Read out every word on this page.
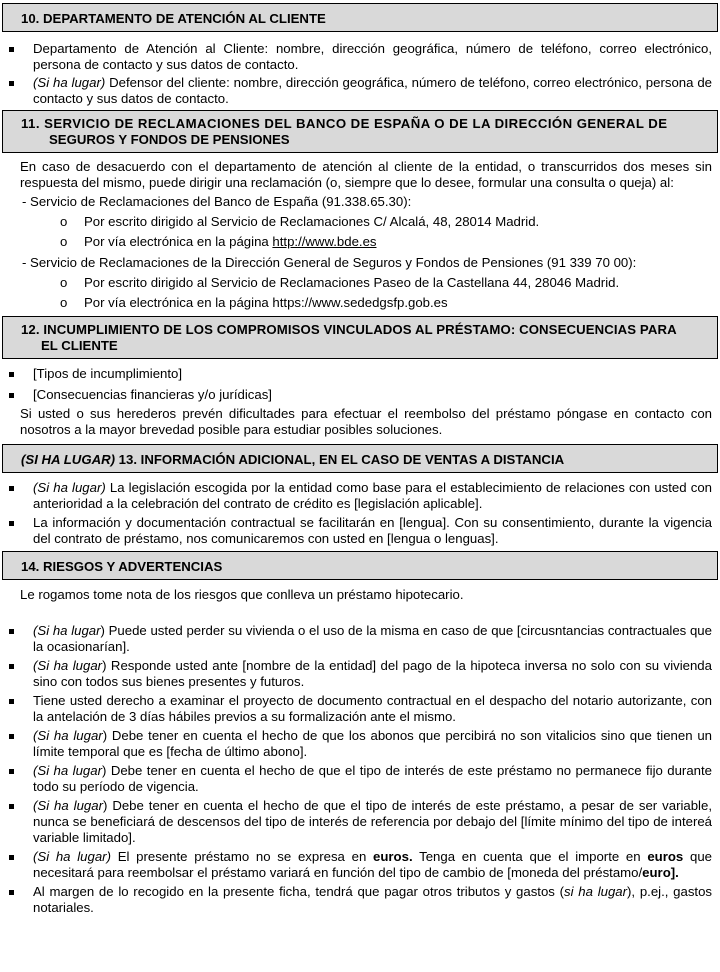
10. DEPARTAMENTO DE ATENCIÓN AL CLIENTE
Departamento de Atención al Cliente: nombre, dirección geográfica, número de teléfono, correo electrónico, persona de contacto y sus datos de contacto.
(Si ha lugar) Defensor del cliente: nombre, dirección geográfica, número de teléfono, correo electrónico, persona de contacto y sus datos de contacto.
11. SERVICIO DE RECLAMACIONES DEL BANCO DE ESPAÑA O DE LA DIRECCIÓN GENERAL DE
SEGUROS Y FONDOS DE PENSIONES
En caso de desacuerdo con el departamento de atención al cliente de la entidad, o transcurridos dos meses sin respuesta del mismo, puede dirigir una reclamación (o, siempre que lo desee, formular una consulta o queja) al:
- Servicio de Reclamaciones del Banco de España (91.338.65.30):
o Por escrito dirigido al Servicio de Reclamaciones C/ Alcalá, 48, 28014 Madrid.
o Por vía electrónica en la página http://www.bde.es
- Servicio de Reclamaciones de la Dirección General de Seguros y Fondos de Pensiones (91 339 70 00):
o Por escrito dirigido al Servicio de Reclamaciones Paseo de la Castellana 44, 28046 Madrid.
o Por vía electrónica en la página https://www.sededgsfp.gob.es
12. INCUMPLIMIENTO DE LOS COMPROMISOS VINCULADOS AL PRÉSTAMO: CONSECUENCIAS PARA
EL CLIENTE
[Tipos de incumplimiento]
[Consecuencias financieras y/o jurídicas]
Si usted o sus herederos prevén dificultades para efectuar el reembolso del préstamo póngase en contacto con nosotros a la mayor brevedad posible para estudiar posibles soluciones.
(SI HA LUGAR) 13. INFORMACIÓN ADICIONAL, EN EL CASO DE VENTAS A DISTANCIA
(Si ha lugar) La legislación escogida por la entidad como base para el establecimiento de relaciones con usted con anterioridad a la celebración del contrato de crédito es [legislación aplicable].
La información y documentación contractual se facilitarán en [lengua]. Con su consentimiento, durante la vigencia del contrato de préstamo, nos comunicaremos con usted en [lengua o lenguas].
14. RIESGOS Y ADVERTENCIAS
Le rogamos tome nota de los riesgos que conlleva un préstamo hipotecario.
(Si ha lugar) Puede usted perder su vivienda o el uso de la misma en caso de que [circusntancias contractuales que la ocasionarían].
(Si ha lugar) Responde usted ante [nombre de la entidad] del pago de la hipoteca inversa no solo con su vivienda sino con todos sus bienes presentes y futuros.
Tiene usted derecho a examinar el proyecto de documento contractual en el despacho del notario autorizante, con la antelación de 3 días hábiles previos a su formalización ante el mismo.
(Si ha lugar) Debe tener en cuenta el hecho de que los abonos que percibirá no son vitalicios sino que tienen un límite temporal que es [fecha de último abono].
(Si ha lugar) Debe tener en cuenta el hecho de que el tipo de interés de este préstamo no permanece fijo durante todo su período de vigencia.
(Si ha lugar) Debe tener en cuenta el hecho de que el tipo de interés de este préstamo, a pesar de ser variable, nunca se beneficiará de descensos del tipo de interés de referencia por debajo del [límite mínimo del tipo de intereá variable limitado].
(Si ha lugar) El presente préstamo no se expresa en euros. Tenga en cuenta que el importe en euros que necesitará para reembolsar el préstamo variará en función del tipo de cambio de [moneda del préstamo/euro].
Al margen de lo recogido en la presente ficha, tendrá que pagar otros tributos y gastos (si ha lugar), p.ej., gastos notariales.
